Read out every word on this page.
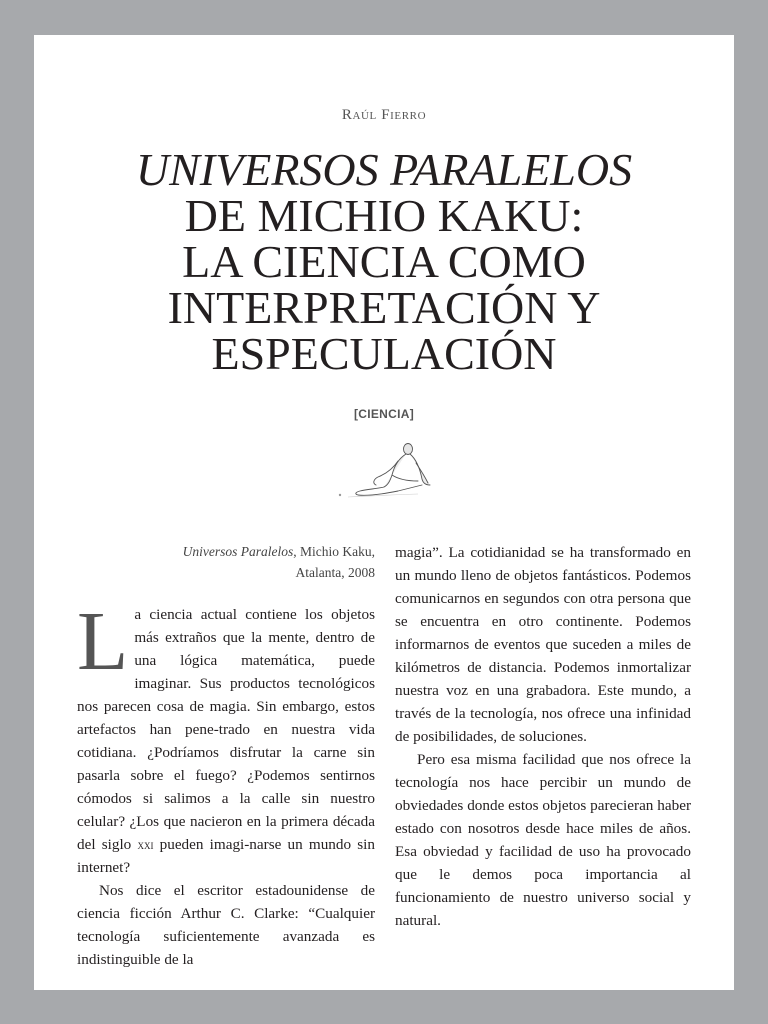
Raúl Fierro
UNIVERSOS PARALELOS
DE MICHIO KAKU:
LA CIENCIA COMO
INTERPRETACIÓN Y
ESPECULACIÓN
[CIENCIA]
Universos Paralelos, Michio Kaku,
Atalanta, 2008

La ciencia actual contiene los objetos más extraños que la mente, dentro de una lógica matemática, puede imaginar. Sus productos tecnológicos nos parecen cosa de magia. Sin embargo, estos artefactos han pene-trado en nuestra vida cotidiana. ¿Podríamos disfrutar la carne sin pasarla sobre el fuego? ¿Podemos sentirnos cómodos si salimos a la calle sin nuestro celular? ¿Los que nacieron en la primera década del siglo xxi pueden imagi-narse un mundo sin internet?

Nos dice el escritor estadounidense de ciencia ficción Arthur C. Clarke: “Cualquier tecnología suficientemente avanzada es indistinguible de la

magia”. La cotidianidad se ha transformado en un mundo lleno de objetos fantásticos. Podemos comunicarnos en segundos con otra persona que se encuentra en otro continente. Podemos informarnos de eventos que suceden a miles de kilómetros de distancia. Podemos inmortalizar nuestra voz en una grabadora. Este mundo, a través de la tecnología, nos ofrece una infinidad de posibilidades, de soluciones.

Pero esa misma facilidad que nos ofrece la tecnología nos hace percibir un mundo de obviedades donde estos objetos parecieran haber estado con nosotros desde hace miles de años. Esa obviedad y facilidad de uso ha provocado que le demos poca importancia al funcionamiento de nuestro universo social y natural.
